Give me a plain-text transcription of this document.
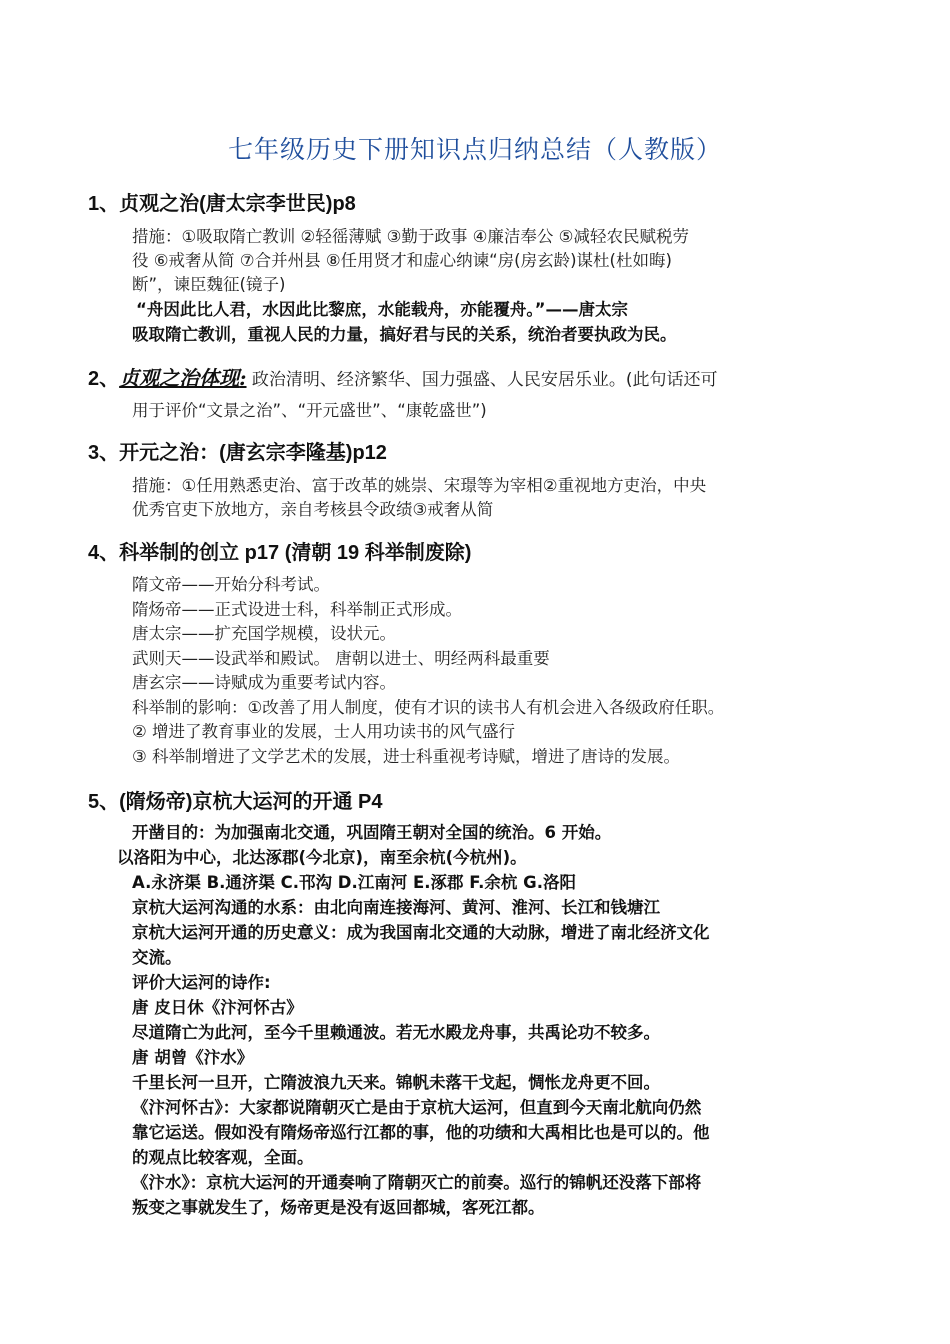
七年级历史下册知识点归纳总结（人教版）
1、贞观之治(唐太宗李世民)p8
措施：①吸取隋亡教训 ②轻徭薄赋 ③勤于政事 ④廉洁奉公 ⑤减轻农民赋税劳
役 ⑥戒奢从简 ⑦合并州县 ⑧任用贤才和虚心纳谏“房(房玄龄)谋杜(杜如晦)
断”，谏臣魏征(镜子)
“舟因此比人君，水因此比黎庶，水能载舟，亦能覆舟。”——唐太宗
吸取隋亡教训，重视人民的力量，搞好君与民的关系，统治者要执政为民。
2、贞观之治体现: 政治清明、经济繁华、国力强盛、人民安居乐业。(此句话还可
用于评价“文景之治”、“开元盛世”、“康乾盛世”)
3、开元之治：(唐玄宗李隆基)p12
措施：①任用熟悉吏治、富于改革的姚崇、宋璟等为宰相②重视地方吏治，中央
优秀官吏下放地方，亲自考核县令政绩③戒奢从简
4、科举制的创立 p17 (清朝 19 科举制废除)
隋文帝——开始分科考试。
隋炀帝——正式设进士科，科举制正式形成。
唐太宗——扩充国学规模，设状元。
武则天——设武举和殿试。 唐朝以进士、明经两科最重要
唐玄宗——诗赋成为重要考试内容。
科举制的影响：①改善了用人制度，使有才识的读书人有机会进入各级政府任职。
② 增进了教育事业的发展，士人用功读书的风气盛行
③ 科举制增进了文学艺术的发展，进士科重视考诗赋，增进了唐诗的发展。
5、(隋炀帝)京杭大运河的开通 P4
开凿目的：为加强南北交通，巩固隋王朝对全国的统治。6 开始。
以洛阳为中心，北达涿郡(今北京)，南至余杭(今杭州)。
A.永济渠 B.通济渠 C.邗沟 D.江南河 E.涿郡 F.余杭 G.洛阳
京杭大运河沟通的水系：由北向南连接海河、黄河、淮河、长江和钱塘江
京杭大运河开通的历史意义：成为我国南北交通的大动脉，增进了南北经济文化
交流。
评价大运河的诗作:
唐 皮日休《汴河怀古》
尽道隋亡为此河，至今千里赖通波。若无水殿龙舟事，共禹论功不较多。
唐 胡曾《汴水》
千里长河一旦开，亡隋波浪九天来。锦帆未落干戈起，惆怅龙舟更不回。
《汴河怀古》：大家都说隋朝灭亡是由于京杭大运河，但直到今天南北航向仍然
靠它运送。假如没有隋炀帝巡行江都的事，他的功绩和大禹相比也是可以的。他
的观点比较客观，全面。
《汴水》：京杭大运河的开通奏响了隋朝灭亡的前奏。巡行的锦帆还没落下部将
叛变之事就发生了，炀帝更是没有返回都城，客死江都。
